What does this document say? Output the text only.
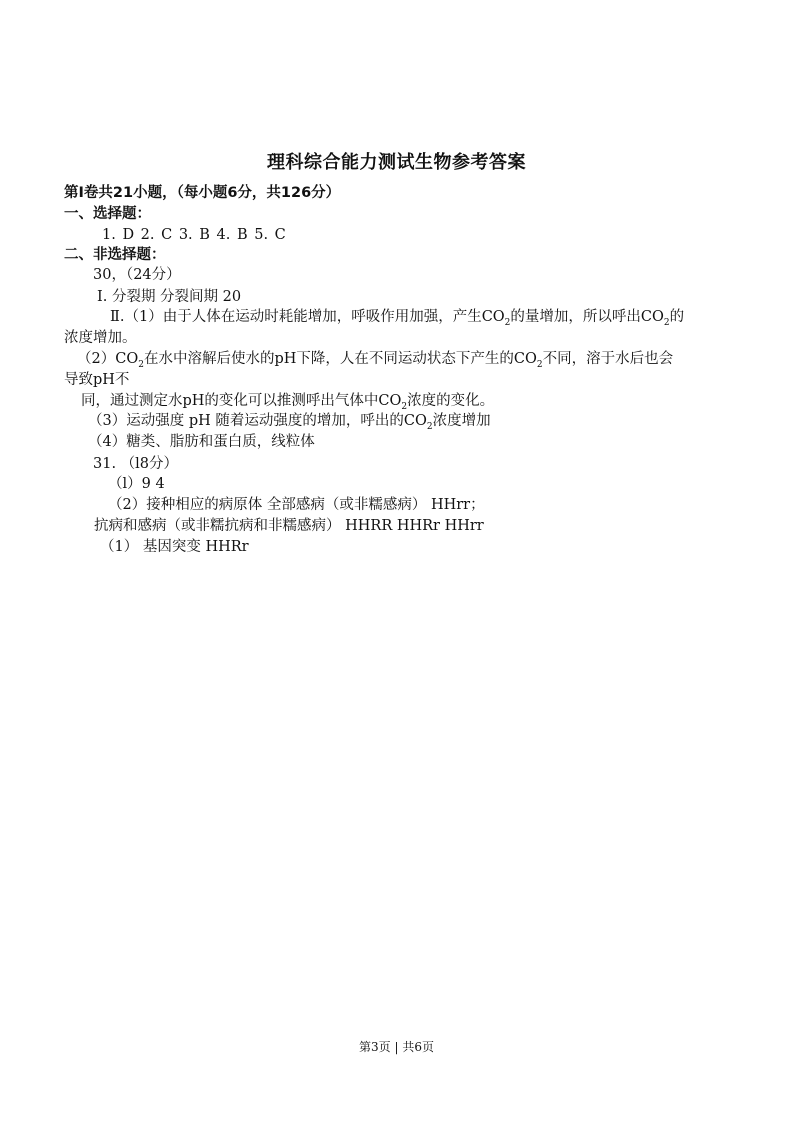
理科综合能力测试生物参考答案
第Ⅰ卷共21小题，（每小题6分，共126分）
一、选择题：
1. D 2. C 3. B 4. B 5. C
二、非选择题：
30，（24分）
Ⅰ. 分裂期 分裂间期 20
Ⅱ.（1）由于人体在运动时耗能增加，呼吸作用加强，产生$CO_2$的量增加，所以呼出$CO_2$的
浓度增加。
$(2)CO_2$在水中溶解后使水的pH下降，人在不同运动状态下产生的$CO_2$不同，溶于水后也会
导致pH不
同，通过测定水pH的变化可以推测呼出气体中$CO_2$浓度的变化。
（3）运动强度 pH 随着运动强度的增加，呼出的$CO_2$浓度增加
（4）糖类、脂肪和蛋白质，线粒体
31. （l8分）
（l）9 4
（2）接种相应的病原体 全部感病（或非糯感病） HHrr；
抗病和感病（或非糯抗病和非糯感病） HHRR HHRr HHrr
（1） 基因突变 HHRr
第3页 | 共6页
